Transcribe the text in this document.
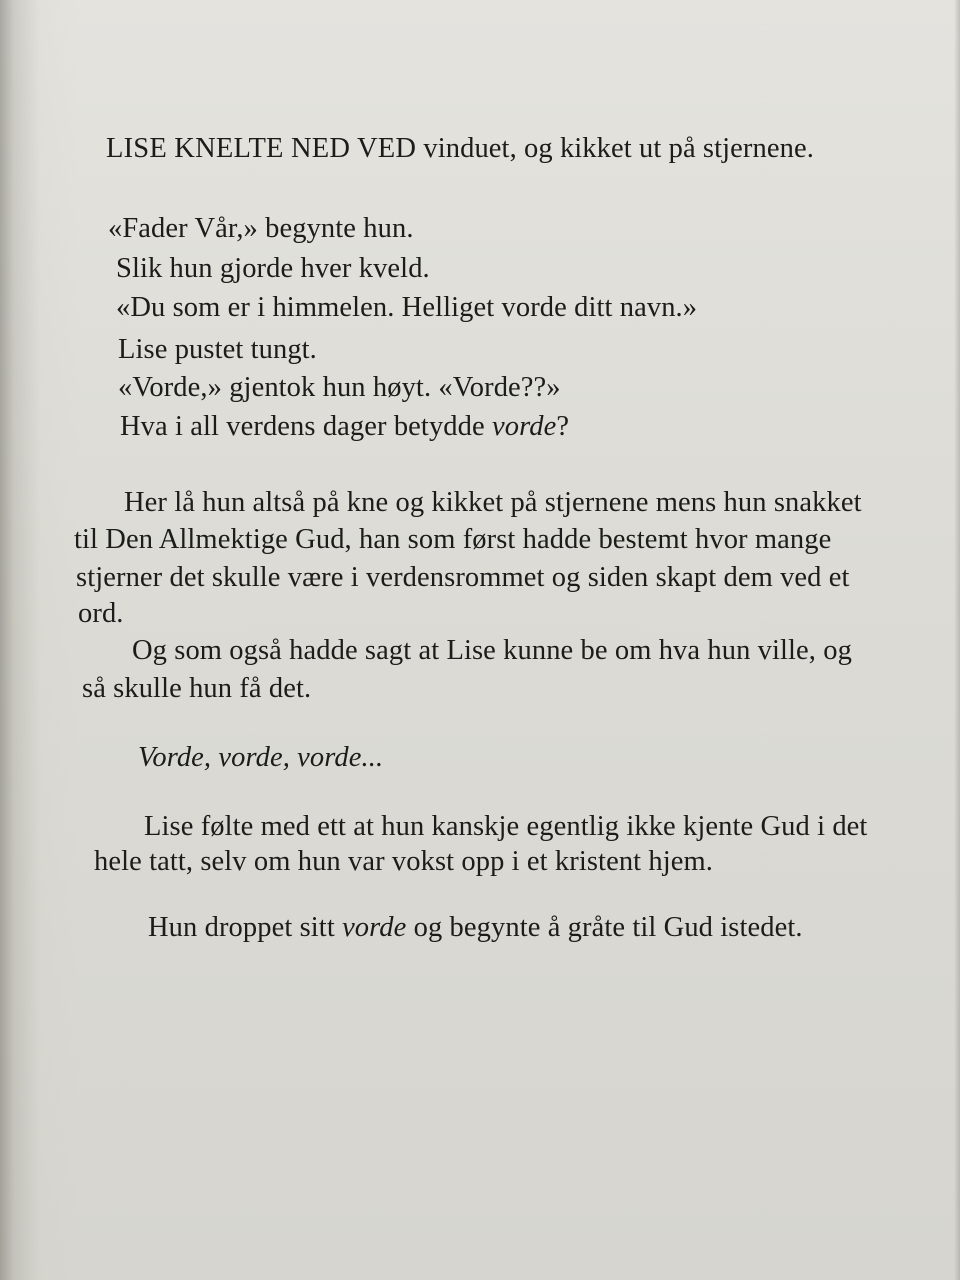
LISE KNELTE NED VED vinduet, og kikket ut på stjernene.
«Fader Vår,» begynte hun.
Slik hun gjorde hver kveld.
«Du som er i himmelen. Helliget vorde ditt navn.»
Lise pustet tungt.
«Vorde,» gjentok hun høyt. «Vorde??»
Hva i all verdens dager betydde vorde?
Her lå hun altså på kne og kikket på stjernene mens hun snakket
til Den Allmektige Gud, han som først hadde bestemt hvor mange
stjerner det skulle være i verdensrommet og siden skapt dem ved et
ord.
Og som også hadde sagt at Lise kunne be om hva hun ville, og
så skulle hun få det.
Vorde, vorde, vorde...
Lise følte med ett at hun kanskje egentlig ikke kjente Gud i det
hele tatt, selv om hun var vokst opp i et kristent hjem.
Hun droppet sitt vorde og begynte å gråte til Gud istedet.
